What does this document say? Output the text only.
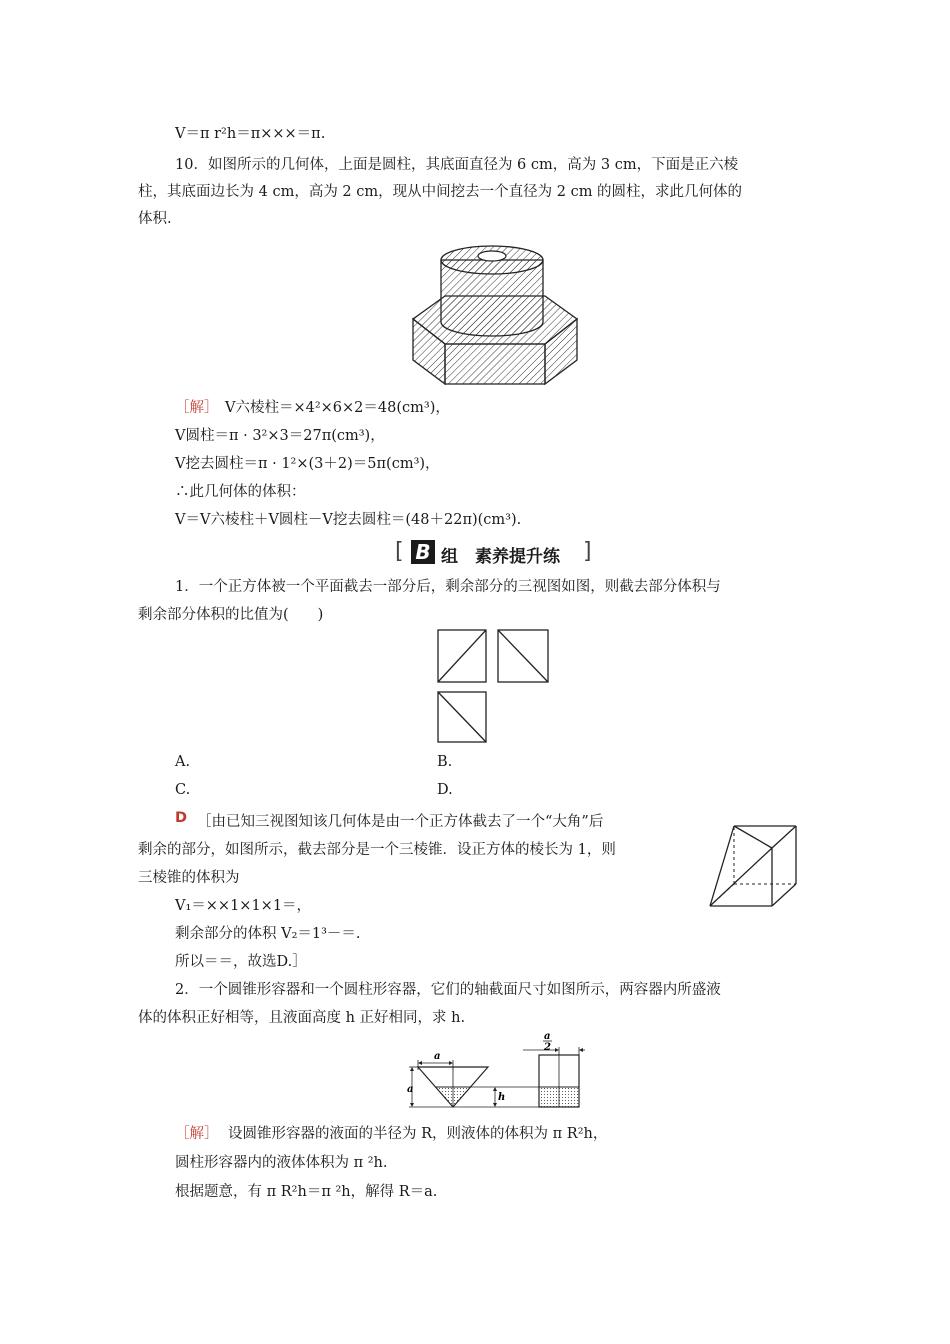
V＝π r²h＝π×××＝π.
10．如图所示的几何体，上面是圆柱，其底面直径为 6 cm，高为 3 cm，下面是正六棱
柱，其底面边长为 4 cm，高为 2 cm，现从中间挖去一个直径为 2 cm 的圆柱，求此几何体的
体积.
［解］ V六棱柱＝×4²×6×2＝48(cm³)，
V圆柱＝π · 3²×3＝27π(cm³)，
V挖去圆柱＝π · 1²×(3＋2)＝5π(cm³)，
∴此几何体的体积：
V＝V六棱柱＋V圆柱－V挖去圆柱＝(48＋22π)(cm³).
[ B 组　素养提升练 ]
1．一个正方体被一个平面截去一部分后，剩余部分的三视图如图，则截去部分体积与
剩余部分体积的比值为(　　)
A.	B.
C.	D.
D ［由已知三视图知该几何体是由一个正方体截去了一个“大角”后
剩余的部分，如图所示，截去部分是一个三棱锥．设正方体的棱长为 1，则
三棱锥的体积为
V₁＝××1×1×1＝，
剩余部分的体积 V₂＝1³－＝.
所以＝＝，故选D.］
2．一个圆锥形容器和一个圆柱形容器，它们的轴截面尺寸如图所示，两容器内所盛液
体的体积正好相等，且液面高度 h 正好相同，求 h.
a
a
h
a
2
［解］ 设圆锥形容器的液面的半径为 R，则液体的体积为 π R²h，
圆柱形容器内的液体体积为 π ²h.
根据题意，有 π R²h＝π ²h，解得 R＝a.
